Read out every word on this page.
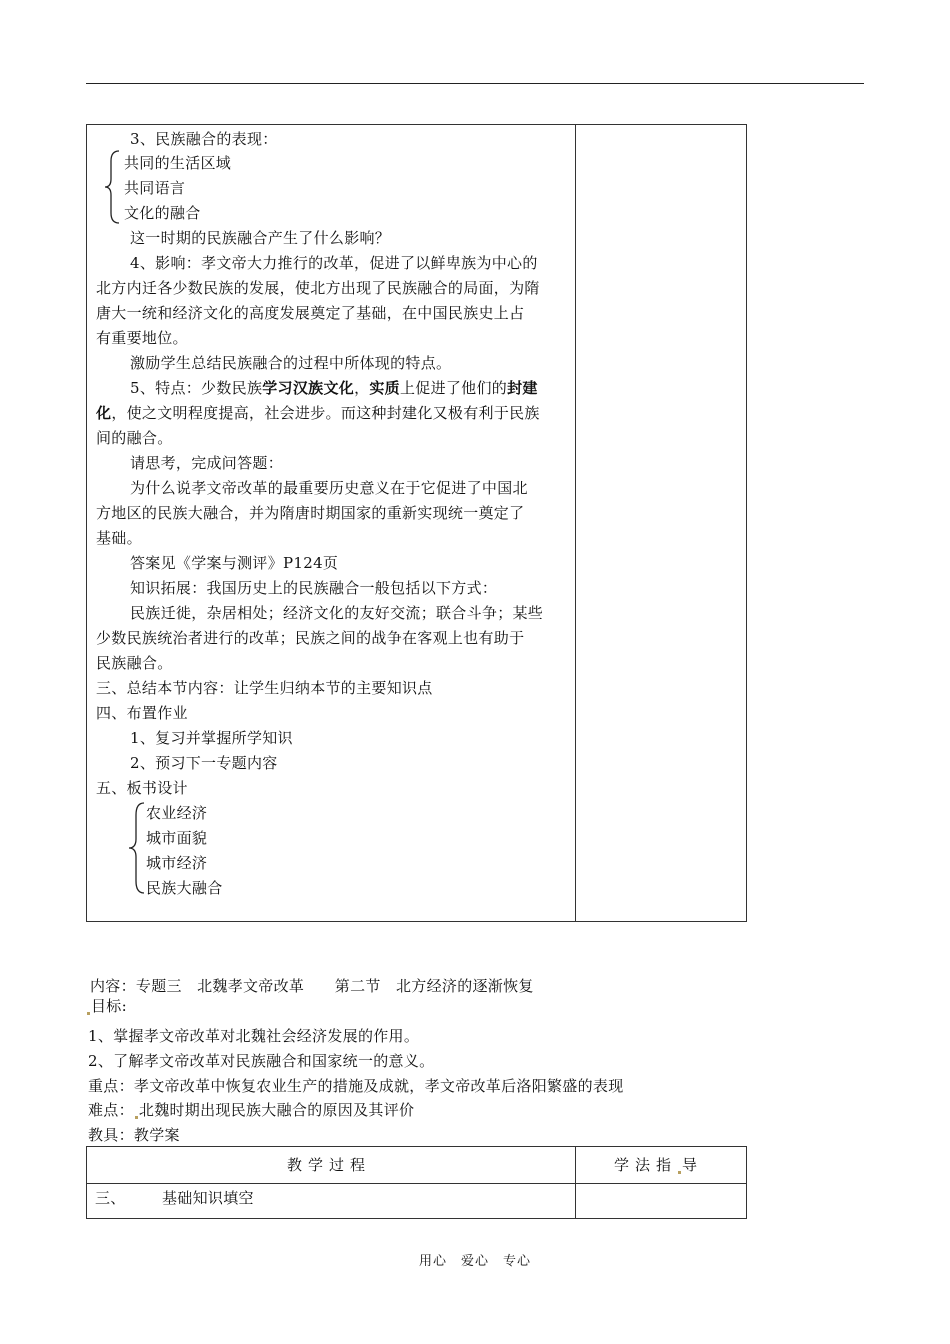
3、民族融合的表现：
共同的生活区域
共同语言
文化的融合
这一时期的民族融合产生了什么影响？
4、影响：孝文帝大力推行的改革，促进了以鲜卑族为中心的
北方内迁各少数民族的发展，使北方出现了民族融合的局面，为隋
唐大一统和经济文化的高度发展奠定了基础，在中国民族史上占
有重要地位。
激励学生总结民族融合的过程中所体现的特点。
5、特点：少数民族学习汉族文化，实质上促进了他们的封建
化，使之文明程度提高，社会进步。而这种封建化又极有利于民族
间的融合。
请思考，完成问答题：
为什么说孝文帝改革的最重要历史意义在于它促进了中国北
方地区的民族大融合，并为隋唐时期国家的重新实现统一奠定了
基础。
答案见《学案与测评》P124页
知识拓展：我国历史上的民族融合一般包括以下方式：
民族迁徙，杂居相处；经济文化的友好交流；联合斗争；某些
少数民族统治者进行的改革；民族之间的战争在客观上也有助于
民族融合。
三、总结本节内容：让学生归纳本节的主要知识点
四、布置作业
1、复习并掌握所学知识
2、预习下一专题内容
五、板书设计
农业经济
城市面貌
城市经济
民族大融合
内容：专题三　北魏孝文帝改革　　第二节　北方经济的逐渐恢复
目标:
1、掌握孝文帝改革对北魏社会经济发展的作用。
2、了解孝文帝改革对民族融合和国家统一的意义。
重点：孝文帝改革中恢复农业生产的措施及成就，孝文帝改革后洛阳繁盛的表现
难点： 北魏时期出现民族大融合的原因及其评价
教具：教学案
教学过程	学法指 导
三、 基础知识填空
用心　爱心　专心
